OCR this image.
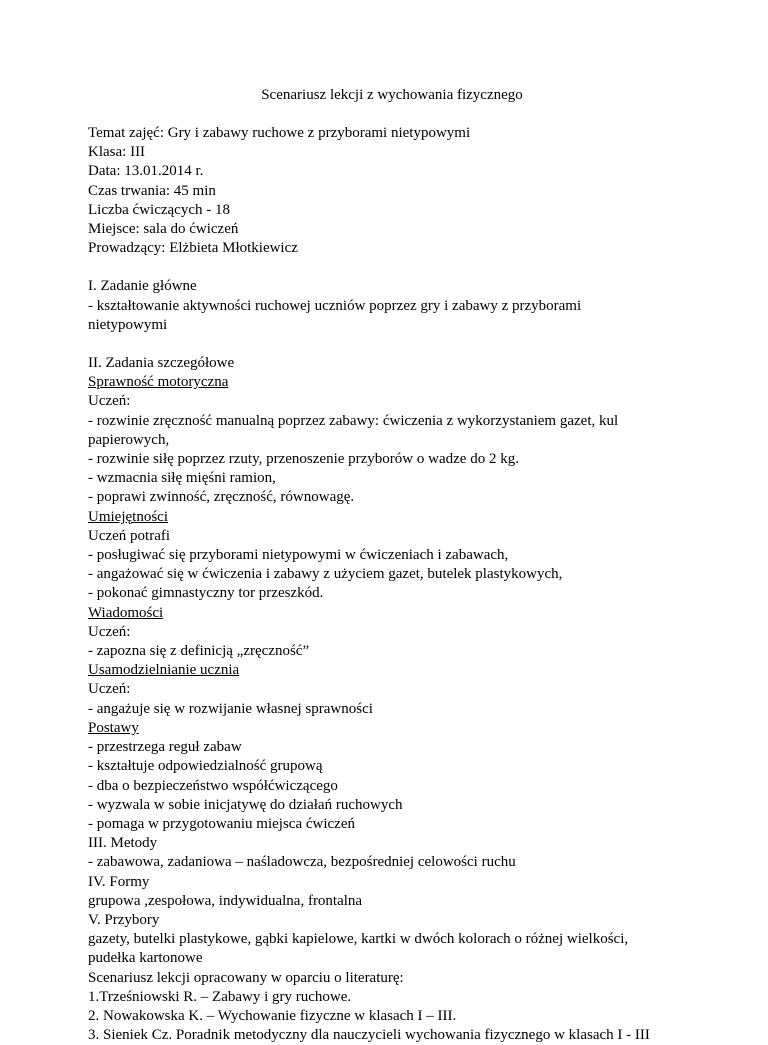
Scenariusz lekcji z wychowania fizycznego
Temat zajęć: Gry i zabawy ruchowe z przyborami nietypowymi
Klasa: III
Data: 13.01.2014 r.
Czas trwania: 45 min
Liczba ćwiczących - 18
Miejsce: sala do ćwiczeń
Prowadzący: Elżbieta Młotkiewicz
I. Zadanie główne
- kształtowanie aktywności ruchowej uczniów poprzez gry i zabawy z przyborami nietypowymi
II. Zadania szczegółowe
Sprawność motoryczna
Uczeń:
- rozwinie zręczność manualną poprzez zabawy: ćwiczenia z wykorzystaniem gazet, kul papierowych,
- rozwinie siłę poprzez rzuty, przenoszenie przyborów o wadze do 2 kg.
- wzmacnia siłę mięśni ramion,
- poprawi zwinność, zręczność, równowagę.
Umiejętności
Uczeń potrafi
- posługiwać się przyborami nietypowymi w ćwiczeniach i zabawach,
- angażować się w ćwiczenia i zabawy z użyciem gazet, butelek plastykowych,
- pokonać gimnastyczny tor przeszkód.
Wiadomości
Uczeń:
- zapozna się z definicją „zręczność”
Usamodzielnianie ucznia
Uczeń:
- angażuje się w rozwijanie własnej sprawności
Postawy
- przestrzega reguł zabaw
- kształtuje odpowiedzialność grupową
- dba o bezpieczeństwo współćwiczącego
- wyzwala w sobie inicjatywę do działań ruchowych
- pomaga w przygotowaniu miejsca ćwiczeń
III. Metody
- zabawowa, zadaniowa – naśladowcza, bezpośredniej celowości ruchu
IV. Formy
grupowa ,zespołowa, indywidualna, frontalna
V. Przybory
gazety, butelki plastykowe, gąbki kapielowe, kartki w dwóch kolorach o różnej wielkości, pudełka kartonowe
Scenariusz lekcji opracowany w oparciu o literaturę:
1.Trześniowski R. – Zabawy i gry ruchowe.
2. Nowakowska K. – Wychowanie fizyczne w klasach I – III.
3. Sieniek Cz. Poradnik metodyczny dla nauczycieli wychowania fizycznego w klasach I - III
